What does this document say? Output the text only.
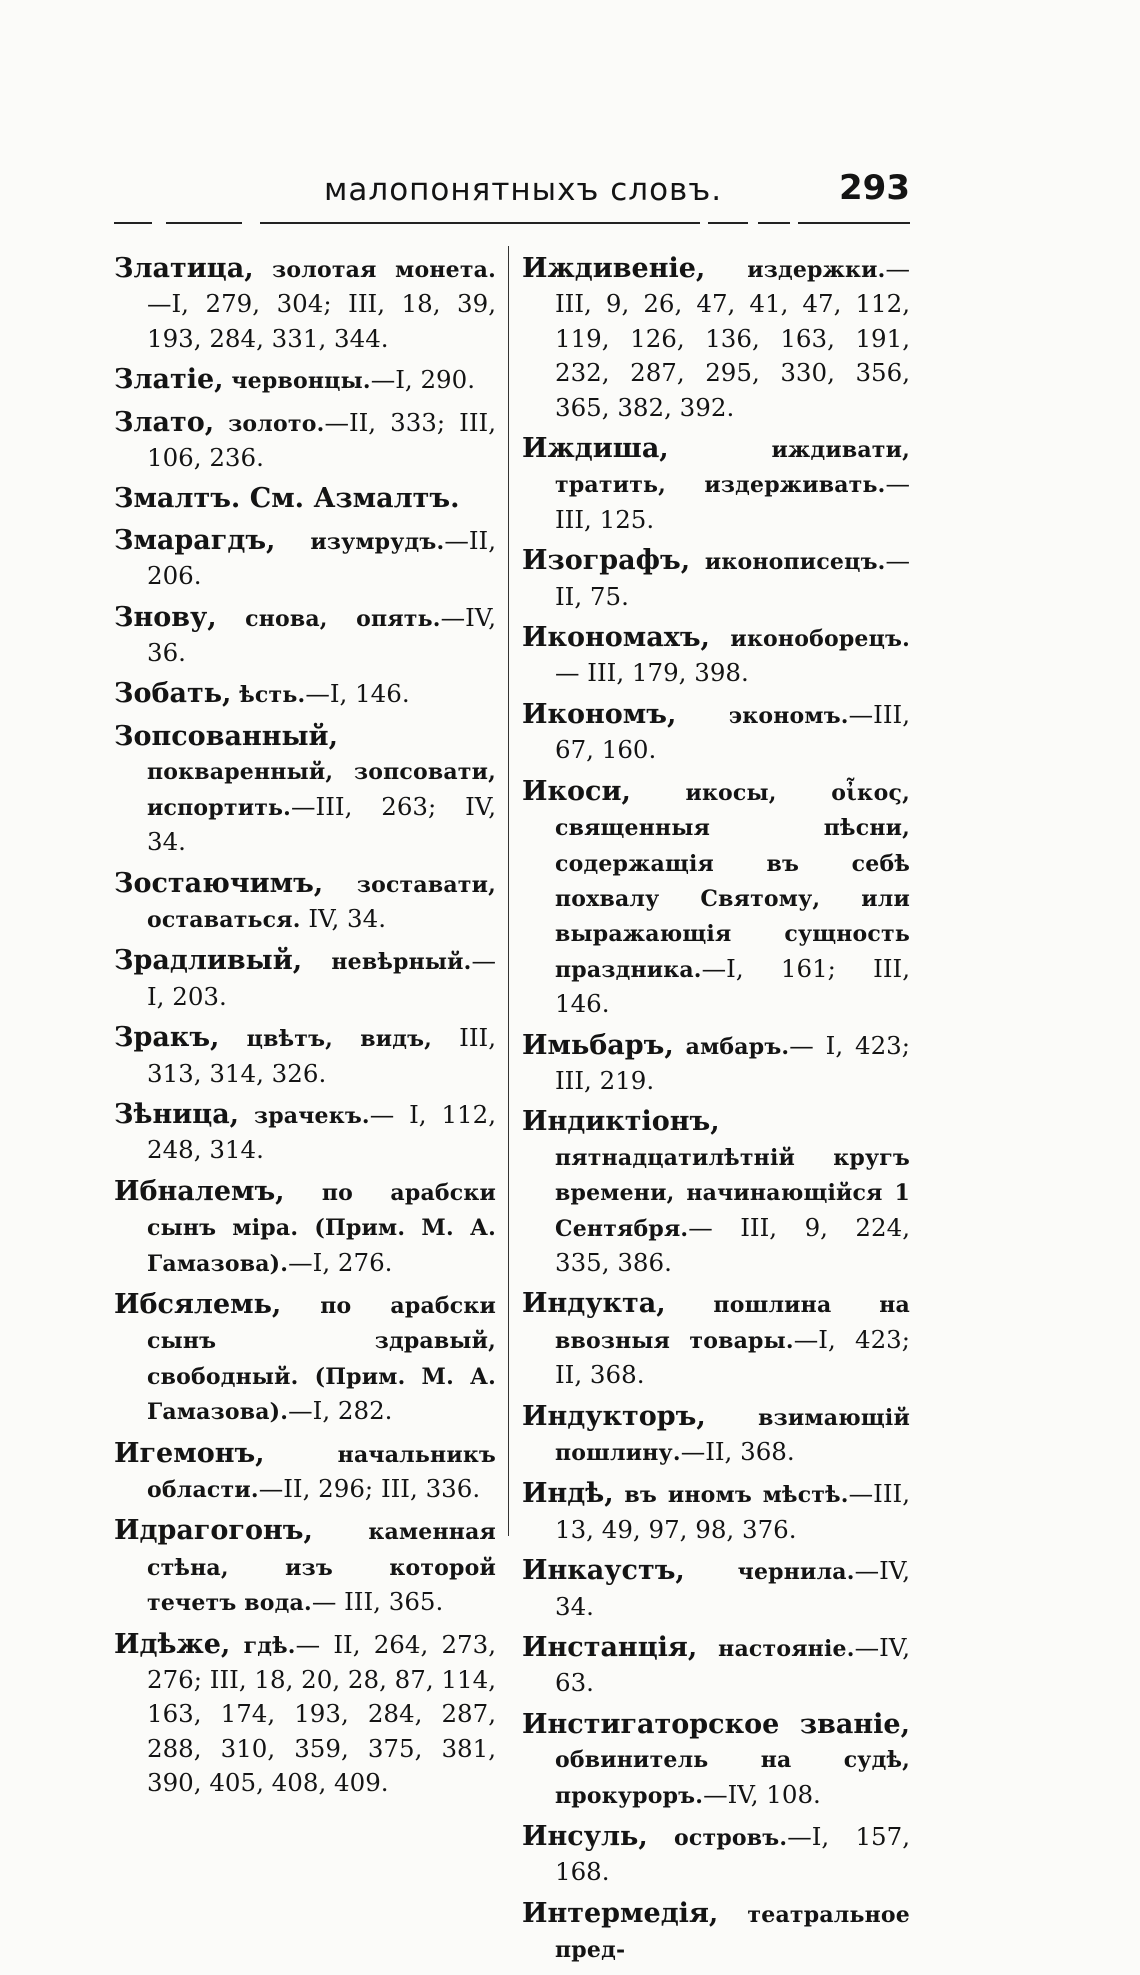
малопонятныхъ словъ.	293

Златица, золотая монета.—I, 279, 304; III, 18, 39, 193, 284, 331, 344.

Златіе, червонцы.—I, 290.

Злато, золото.—II, 333; III, 106, 236.

Змалтъ. См. Азмалтъ.

Змарагдъ, изумрудъ.—II, 206.

Знову, снова, опять.—IV, 36.

Зобать, ѣсть.—I, 146.

Зопсованный, покваренный, зопсовати, испортить.—III, 263; IV, 34.

Зостаючимъ, зоставати, оставаться. IV, 34.

Зрадливый, невѣрный.— I, 203.

Зракъ, цвѣтъ, видъ, III, 313, 314, 326.

Зѣница, зрачекъ.— I, 112, 248, 314.

Ибналемъ, по арабски сынъ міра. (Прим. М. А. Гамазова).—I, 276.

Ибсялемь, по арабски сынъ здравый, свободный. (Прим. М. А. Гамазова).—I, 282.

Игемонъ,	начальникъ области.—II, 296; III, 336.

Идрагогонъ,	каменная стѣна, изъ которой течетъ вода.— III, 365.

Идѣже, гдѣ.— II, 264, 273, 276; III, 18, 20, 28, 87, 114, 163, 174, 193, 284, 287, 288, 310, 359, 375, 381, 390, 405, 408, 409.

Иждивеніе, издержки.—III, 9, 26, 47, 41, 47, 112, 119, 126, 136, 163, 191, 232, 287, 295, 330, 356, 365, 382, 392.

Иждиша,	иждивати, тратить, издерживать.—III, 125.

Изографъ, иконописецъ.—II, 75.

Икономахъ, иконоборецъ.— III, 179, 398.

Икономъ, экономъ.—III, 67, 160.

Икоси, икосы, οἶκος, священныя пѣсни, содержащія въ себѣ похвалу Святому, или выражающія сущность праздника.—I, 161; III, 146.

Имьбаръ, амбаръ.— I, 423; III, 219.

Индиктіонъ, пятнадцатилѣтній кругъ времени, начинающійся 1 Сентября.— III, 9, 224, 335, 386.

Индукта, пошлина на ввозныя товары.—I, 423; II, 368.

Индукторъ, взимающій пошлину.—II, 368.

Индѣ, въ иномъ мѣстѣ.—III, 13, 49, 97, 98, 376.

Инкаустъ, чернила.—IV, 34.

Инстанція, настояніе.—IV, 63.

Инстигаторское званіе, обвинитель на судѣ, прокуроръ.—IV, 108.

Инсуль, островъ.—I, 157, 168.

Интермедія, театральное пред-
